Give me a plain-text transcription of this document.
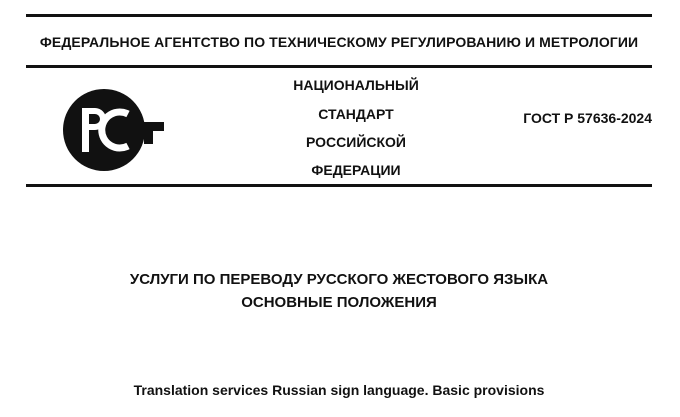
ФЕДЕРАЛЬНОЕ АГЕНТСТВО ПО ТЕХНИЧЕСКОМУ РЕГУЛИРОВАНИЮ И МЕТРОЛОГИИ
НАЦИОНАЛЬНЫЙ
СТАНДАРТ
РОССИЙСКОЙ
ФЕДЕРАЦИИ
ГОСТ Р 57636-2024
УСЛУГИ ПО ПЕРЕВОДУ РУССКОГО ЖЕСТОВОГО ЯЗЫКА
ОСНОВНЫЕ ПОЛОЖЕНИЯ
Translation services Russian sign language. Basic provisions
